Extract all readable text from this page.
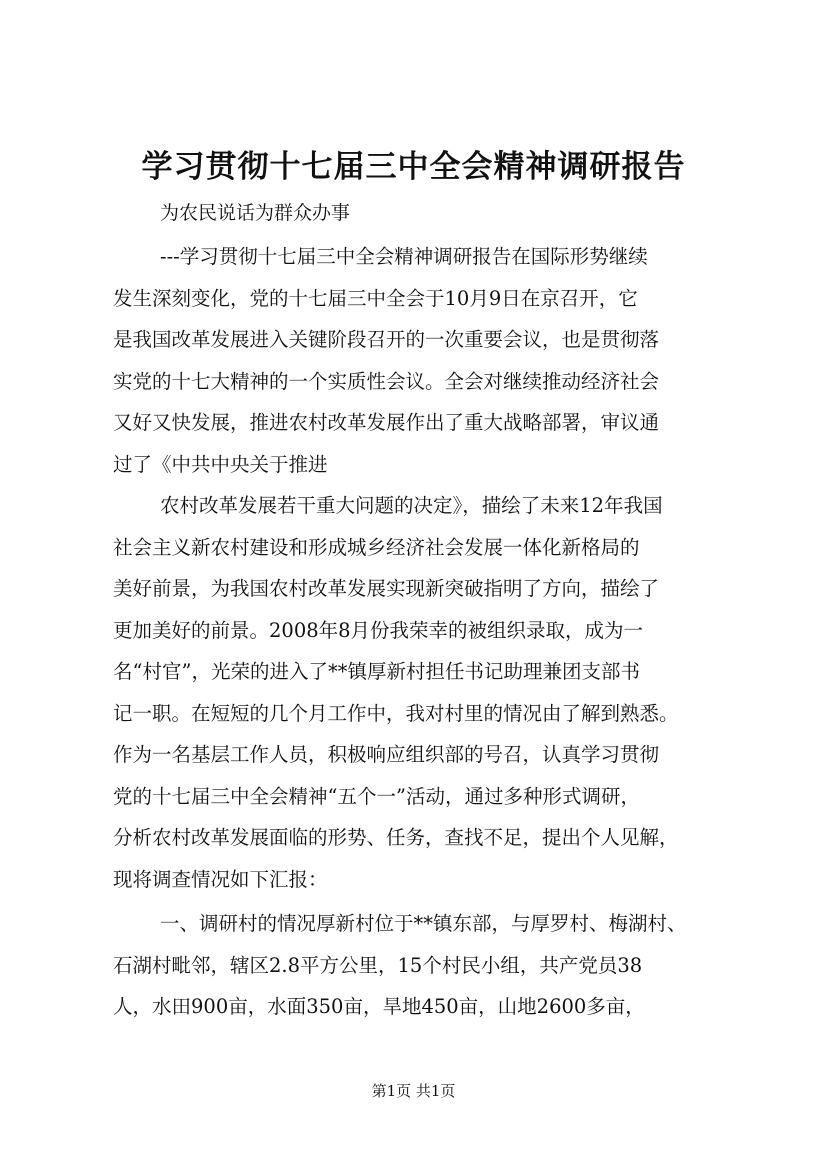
学习贯彻十七届三中全会精神调研报告
为农民说话为群众办事
---学习贯彻十七届三中全会精神调研报告在国际形势继续
发生深刻变化，党的十七届三中全会于10月9日在京召开，它
是我国改革发展进入关键阶段召开的一次重要会议，也是贯彻落
实党的十七大精神的一个实质性会议。全会对继续推动经济社会
又好又快发展，推进农村改革发展作出了重大战略部署，审议通
过了《中共中央关于推进
农村改革发展若干重大问题的决定》，描绘了未来12年我国
社会主义新农村建设和形成城乡经济社会发展一体化新格局的
美好前景，为我国农村改革发展实现新突破指明了方向，描绘了
更加美好的前景。2008年8月份我荣幸的被组织录取，成为一
名“村官”，光荣的进入了**镇厚新村担任书记助理兼团支部书
记一职。在短短的几个月工作中，我对村里的情况由了解到熟悉。
作为一名基层工作人员，积极响应组织部的号召，认真学习贯彻
党的十七届三中全会精神“五个一”活动，通过多种形式调研，
分析农村改革发展面临的形势、任务，查找不足，提出个人见解，
现将调查情况如下汇报：
一、调研村的情况厚新村位于**镇东部，与厚罗村、梅湖村、
石湖村毗邻，辖区2.8平方公里，15个村民小组，共产党员38
人，水田900亩，水面350亩，旱地450亩，山地2600多亩，
第1页 共1页
